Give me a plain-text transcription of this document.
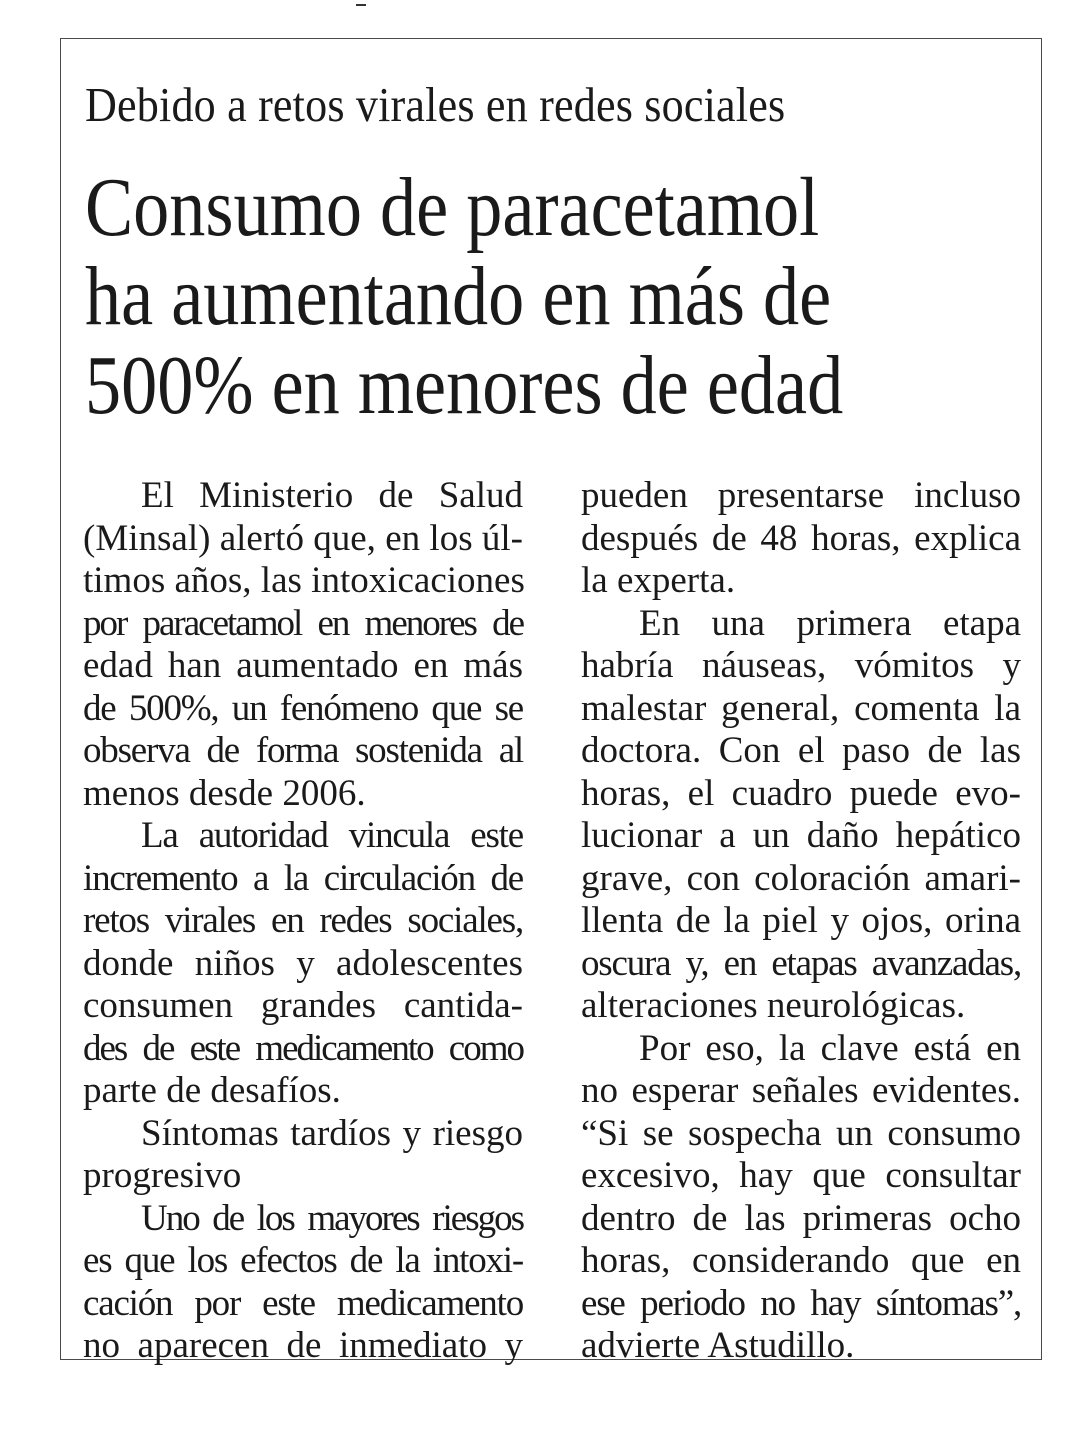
Debido a retos virales en redes sociales
Consumo de paracetamol
ha aumentando en más de
500% en menores de edad
El Ministerio de Salud
(Minsal) alertó que, en los úl-
timos años, las intoxicaciones
por paracetamol en menores de
edad han aumentado en más
de 500%, un fenómeno que se
observa de forma sostenida al
menos desde 2006.
La autoridad vincula este
incremento a la circulación de
retos virales en redes sociales,
donde niños y adolescentes
consumen grandes cantida-
des de este medicamento como
parte de desafíos.
Síntomas tardíos y riesgo
progresivo
Uno de los mayores riesgos
es que los efectos de la intoxi-
cación por este medicamento
no aparecen de inmediato y
pueden presentarse incluso
después de 48 horas, explica
la experta.
En una primera etapa
habría náuseas, vómitos y
malestar general, comenta la
doctora. Con el paso de las
horas, el cuadro puede evo-
lucionar a un daño hepático
grave, con coloración amari-
llenta de la piel y ojos, orina
oscura y, en etapas avanzadas,
alteraciones neurológicas.
Por eso, la clave está en
no esperar señales evidentes.
“Si se sospecha un consumo
excesivo, hay que consultar
dentro de las primeras ocho
horas, considerando que en
ese periodo no hay síntomas”,
advierte Astudillo.
